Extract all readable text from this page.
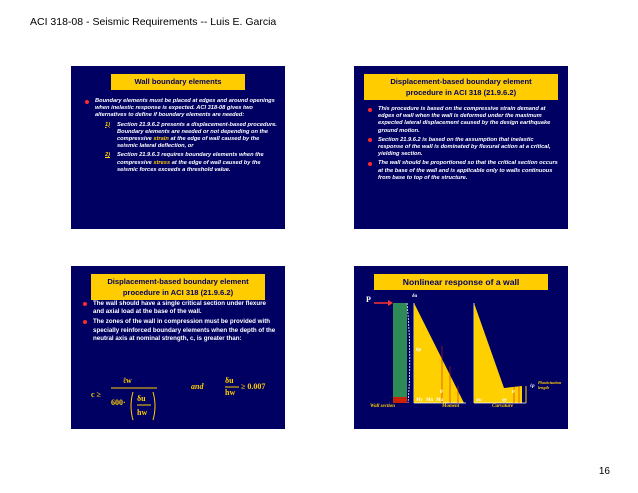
ACI 318-08 - Seismic Requirements -- Luis E. Garcia
Wall boundary elements
Boundary elements must be placed at edges and around openings when inelastic response is expected. ACI 318-08 gives two alternatives to define if boundary elements are needed:
1) Section 21.9.6.2 presents a displacement-based procedure. Boundary elements are needed or not depending on the compressive strain at the edge of wall caused by the seismic lateral deflection, or
2) Section 21.9.6.3 requires boundary elements when the compressive stress at the edge of wall caused by the seismic forces exceeds a threshold value.
Displacement-based boundary element
procedure in ACI 318 (21.9.6.2)
This procedure is based on the compressive strain demand at edges of wall when the wall is deformed under the maximum expected lateral displacement caused by the design earthquake ground motion.
Section 21.9.6.2 is based on the assumption that inelastic response of the wall is dominated by flexural action at a critical, yielding section.
The wall should be proportioned so that the critical section occurs at the base of the wall and is applicable only to walls continuous from base to top of the structure.
Displacement-based boundary element
procedure in ACI 318 (21.9.6.2)
The wall should have a single critical section under flexure and axial load at the base of the wall.
The zones of the wall in compression must be provided with specially reinforced boundary elements when the depth of the neutral axis at nominal strength, c, is greater than:
c ≥
ℓw
600· δu
hw
and
δu
hw
≥ 0.007
Nonlinear response of a wall
P	δu
θp
Wall section	Moment	Curvature
My Mn Mu	φu	φy
0	0
ℓp
Plasticization length
16
